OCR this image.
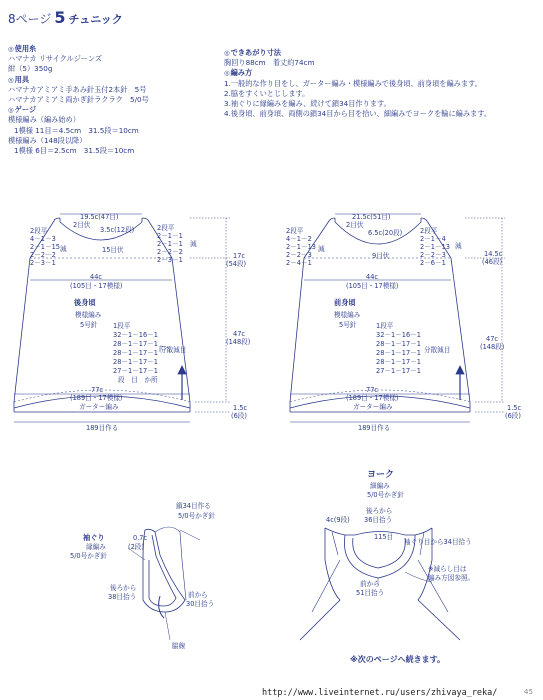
8ページ 5 チュニック
◎ 使用糸
ハマナカ リサイクルジーンズ
紺（5）350g
◎ 用具
ハマナカアミアミ手あみ針玉付2本針　5号
ハマナカアミアミ両かぎ針ラクラク　5/0号
◎ ゲージ
模様編み（編み始め）
1模様 11目＝4.5cm　31.5段＝10cm
模様編み（148段以降）
1模様 6目＝2.5cm　31.5段＝10cm
◎ できあがり寸法
胸回り88cm　着丈約74cm
◎ 編み方
1.一般的な作り目をし、ガーター編み・模様編みで後身頃、前身頃を編みます。
2.脇をすくいとじします。
3.袖ぐりに縁編みを編み、続けて鎖34目作ります。
4.後身頃、前身頃、両側の鎖34目から目を拾い、細編みでヨークを輪に編みます。
19.5c(47目)
2目伏
3.5c(12段)
15目伏
2段平
4－1－3
2－1－15
2－2－2
2－3－1
減
2段平
2－1－1
2－1－1
2－2－2
2－3－1
減
17c
(54段)
44c
(105目・17模様)
後身頃
模様編み
5号針 1段平
32－1－16－1
28－1－17－1
28－1－17－1
28－1－17－1
27－1－17－1
段　目　か所
分散減目
47c
(148段)
77c
(189目・17模様)
ガーター編み	1.5c
(6段)
189目作る
21.5c(51目)
2目伏
6.5c(20段)
9目伏
2段平
4－1－2
2－1－13
2－2－3
2－4－1
減
2段平
2－1－4
2－1－13
2－2－3
2－6－1
減
14.5c
(46段)
44c
(105目・17模様)
前身頃
模様編み
5号針	1段平
32－1－16－1
28－1－17－1
28－1－17－1
28－1－17－1
27－1－17－1
分散減目
47c
(148段)
77c
(189目・17模様)
ガーター編み	1.5c
(6段)
189目作る
鎖34目作る
5/0号かぎ針
袖ぐり
縁編み
5/0号かぎ針
0.7c
(2段)
後ろから
38目拾う	前から
30目拾う
脇線
ヨーク
細編み
5/0号かぎ針
後ろから
36目拾う
4c(9段)
115目
袖ぐり目から34目拾う
※減らし目は
編み方図参照。
前から
51目拾う
※次のページへ続きます。
http://www.liveinternet.ru/users/zhivaya_reka/	45
